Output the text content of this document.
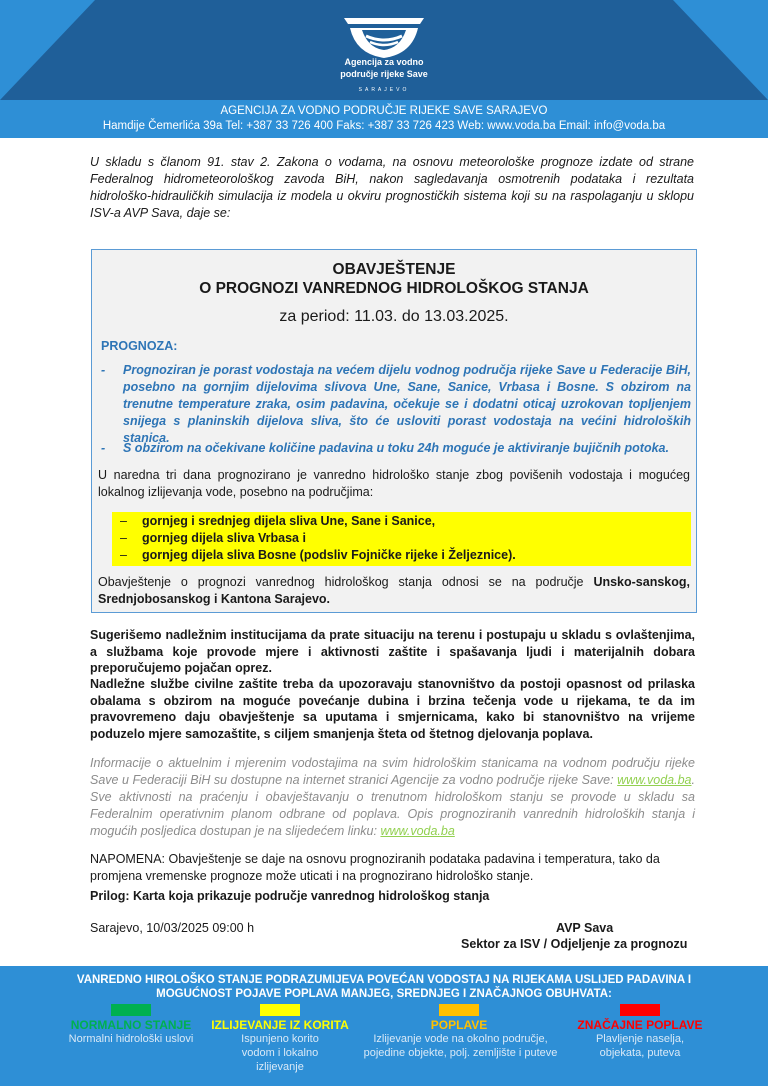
Agencija za vodno
područje rijeke Save
SARAJEVO
AGENCIJA ZA VODNO PODRUČJE RIJEKE SAVE SARAJEVO
Hamdije Čemerlića 39a Tel: +387 33 726 400 Faks: +387 33 726 423 Web: www.voda.ba Email: info@voda.ba
U skladu s članom 91. stav 2. Zakona o vodama, na osnovu meteorološke prognoze izdate od strane Federalnog hidrometeorološkog zavoda BiH, nakon sagledavanja osmotrenih podataka i rezultata hidrološko-hidrauličkih simulacija iz modela u okviru prognostičkih sistema koji su na raspolaganju u sklopu ISV-a AVP Sava, daje se:
OBAVJEŠTENJE
O PROGNOZI VANREDNOG HIDROLOŠKOG STANJA
za period: 11.03. do 13.03.2025.
PROGNOZA:
- Prognoziran je porast vodostaja na većem dijelu vodnog područja rijeke Save u Federacije BiH, posebno na gornjim dijelovima slivova Une, Sane, Sanice, Vrbasa i Bosne. S obzirom na trenutne temperature zraka, osim padavina, očekuje se i dodatni oticaj uzrokovan topljenjem snijega s planinskih dijelova sliva, što će usloviti porast vodostaja na većini hidroloških stanica.
- S obzirom na očekivane količine padavina u toku 24h moguće je aktiviranje bujičnih potoka.
U naredna tri dana prognozirano je vanredno hidrološko stanje zbog povišenih vodostaja i mogućeg lokalnog izlijevanja vode, posebno na područjima:
– gornjeg i srednjeg dijela sliva Une, Sane i Sanice,
– gornjeg dijela sliva Vrbasa i
– gornjeg dijela sliva Bosne (podsliv Fojničke rijeke i Željeznice).
Obavještenje o prognozi vanrednog hidrološkog stanja odnosi se na područje Unsko-sanskog, Srednjobosanskog i Kantona Sarajevo.
Sugerišemo nadležnim institucijama da prate situaciju na terenu i postupaju u skladu s ovlaštenjima, a službama koje provode mjere i aktivnosti zaštite i spašavanja ljudi i materijalnih dobara preporučujemo pojačan oprez.
Nadležne službe civilne zaštite treba da upozoravaju stanovništvo da postoji opasnost od prilaska obalama s obzirom na moguće povećanje dubina i brzina tečenja vode u rijekama, te da im pravovremeno daju obavještenje sa uputama i smjernicama, kako bi stanovništvo na vrijeme poduzelo mjere samozaštite, s ciljem smanjenja šteta od štetnog djelovanja poplava.
Informacije o aktuelnim i mjerenim vodostajima na svim hidrološkim stanicama na vodnom području rijeke Save u Federaciji BiH su dostupne na internet stranici Agencije za vodno područje rijeke Save: www.voda.ba. Sve aktivnosti na praćenju i obavještavanju o trenutnom hidrološkom stanju se provode u skladu sa Federalnim operativnim planom odbrane od poplava. Opis prognoziranih vanrednih hidroloških stanja i mogućih posljedica dostupan je na slijedećem linku: www.voda.ba
NAPOMENA: Obavještenje se daje na osnovu prognoziranih podataka padavina i temperatura, tako da promjena vremenske prognoze može uticati i na prognozirano hidrološko stanje.
Prilog: Karta koja prikazuje područje vanrednog hidrološkog stanja
Sarajevo, 10/03/2025 09:00 h	AVP Sava
Sektor za ISV / Odjeljenje za prognozu
VANREDNO HIROLOŠKO STANJE PODRAZUMIJEVA POVEĆAN VODOSTAJ NA RIJEKAMA USLIJED PADAVINA I MOGUĆNOST POJAVE POPLAVA MANJEG, SREDNJEG I ZNAČAJNOG OBUHVATA:
NORMALNO STANJE
Normalni hidrološki uslovi
IZLIJEVANJE IZ KORITA
Ispunjeno korito vodom i lokalno izlijevanje
POPLAVE
Izlijevanje vode na okolno područje, pojedine objekte, polj. zemljište i puteve
ZNAČAJNE POPLAVE
Plavljenje naselja, objekata, puteva
